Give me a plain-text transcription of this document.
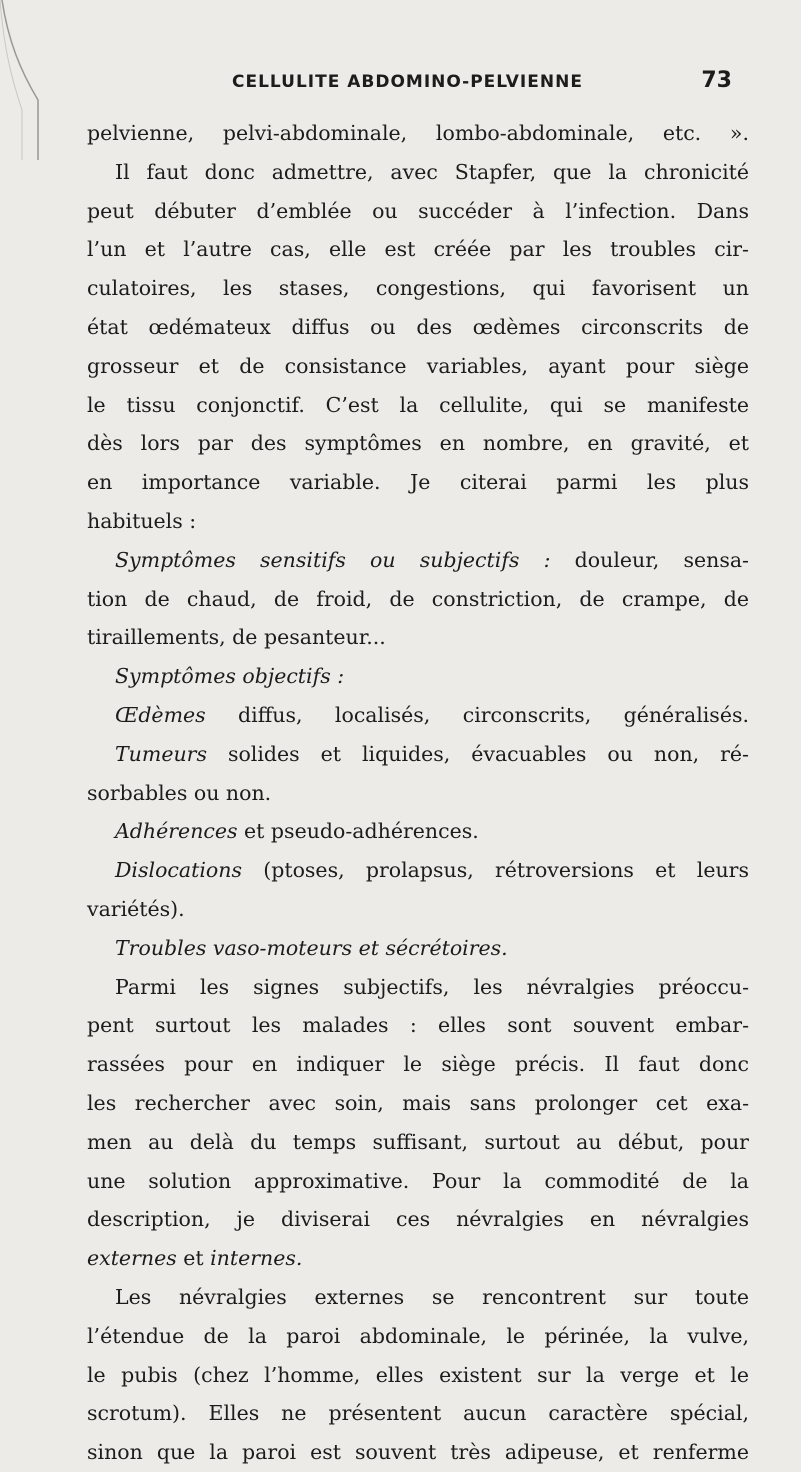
CELLULITE ABDOMINO-PELVIENNE	73
pelvienne, pelvi-abdominale, lombo-abdominale, etc. ».
Il faut donc admettre, avec Stapfer, que la chronicité
peut débuter d’emblée ou succéder à l’infection. Dans
l’un et l’autre cas, elle est créée par les troubles cir-
culatoires, les stases, congestions, qui favorisent un
état œdémateux diffus ou des œdèmes circonscrits de
grosseur et de consistance variables, ayant pour siège
le tissu conjonctif. C’est la cellulite, qui se manifeste
dès lors par des symptômes en nombre, en gravité, et
en importance variable. Je citerai parmi les plus
habituels :
Symptômes sensitifs ou subjectifs : douleur, sensa-
tion de chaud, de froid, de constriction, de crampe, de
tiraillements, de pesanteur...
Symptômes objectifs :
Œdèmes diffus, localisés, circonscrits, généralisés.
Tumeurs solides et liquides, évacuables ou non, ré-
sorbables ou non.
Adhérences et pseudo-adhérences.
Dislocations (ptoses, prolapsus, rétroversions et leurs
variétés).
Troubles vaso-moteurs et sécrétoires.
Parmi les signes subjectifs, les névralgies préoccu-
pent surtout les malades : elles sont souvent embar-
rassées pour en indiquer le siège précis. Il faut donc
les rechercher avec soin, mais sans prolonger cet exa-
men au delà du temps suffisant, surtout au début, pour
une solution approximative. Pour la commodité de la
description, je diviserai ces névralgies en névralgies
externes et internes.
Les névralgies externes se rencontrent sur toute
l’étendue de la paroi abdominale, le périnée, la vulve,
le pubis (chez l’homme, elles existent sur la verge et le
scrotum). Elles ne présentent aucun caractère spécial,
sinon que la paroi est souvent très adipeuse, et renferme
